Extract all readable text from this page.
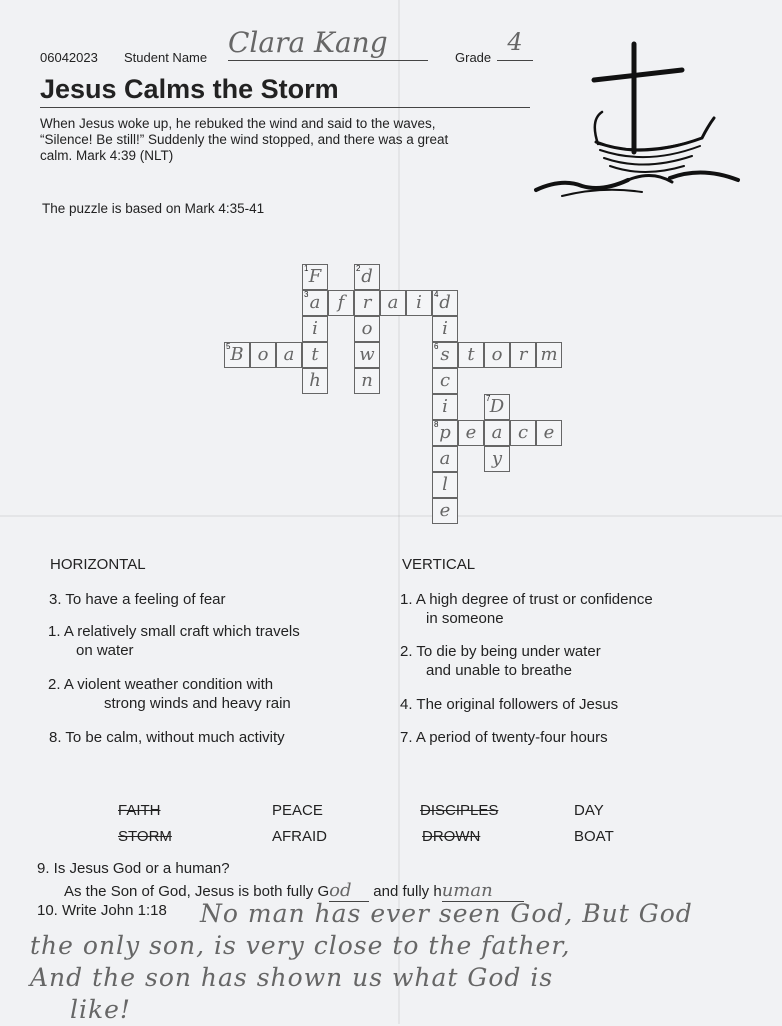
06042023 Student Name Clara Kang	Grade
4
Jesus Calms the Storm
When Jesus woke up, he rebuked the wind and said to the waves,
“Silence! Be still!” Suddenly the wind stopped, and there was a great
calm. Mark 4:39 (NLT)
The puzzle is based on Mark 4:35-41
1 F	2 d
3 a f	r a i	4 d
i	o	i
5 B o a t	w	6 s t o r m
h	n	c
i	7 D
8 p e a c e
a	y
l
e
HORIZONTAL	VERTICAL
3. To have a feeling of fear
1. A relatively small craft which travels
on water
2. A violent weather condition with
strong winds and heavy rain
8. To be calm, without much activity
1. A high degree of trust or confidence
in someone
2. To die by being under water
and unable to breathe
4. The original followers of Jesus
7. A period of twenty-four hours
FAITH	PEACE	DISCIPLES	DAY
STORM	AFRAID	DROWN	BOAT
9. Is Jesus God or a human?
As the Son of God, Jesus is both fully God and fully human
10. Write John 1:18	No man has ever seen God, But God
the only son, is very close to the father,
And the son has shown us what God is
like!
